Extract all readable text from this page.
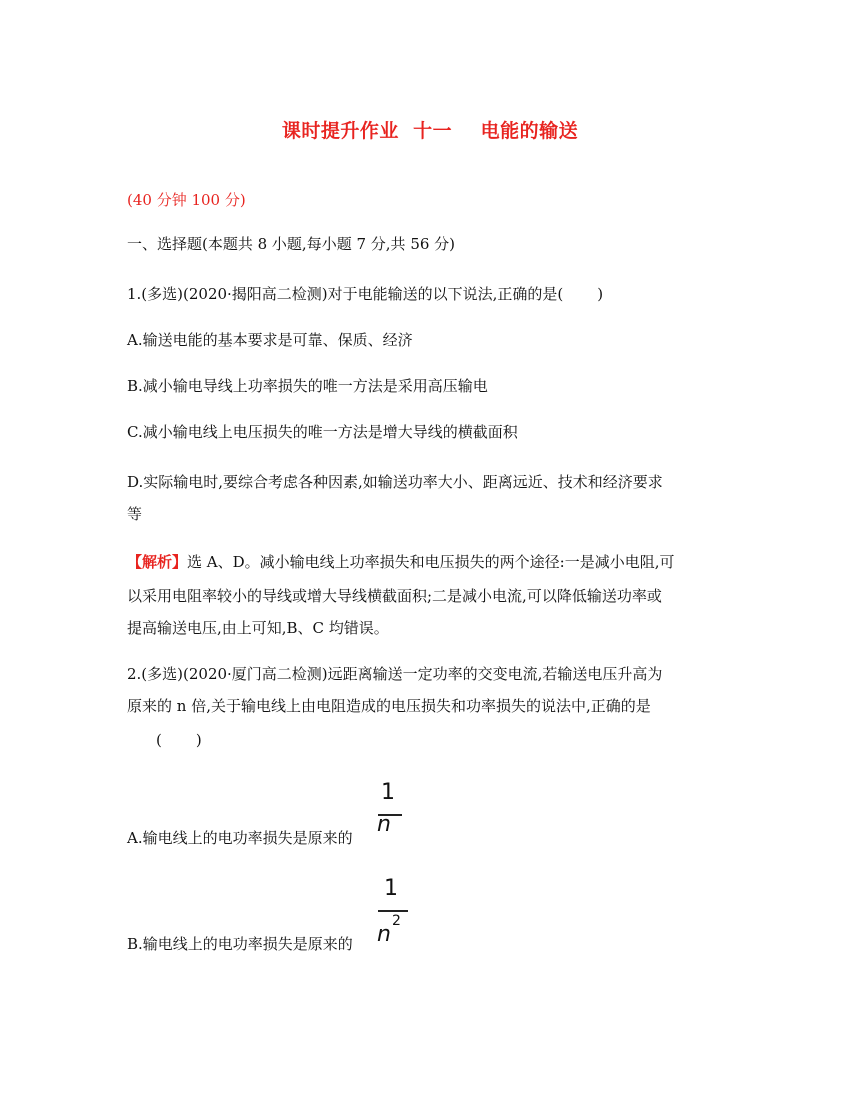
课时提升作业  十一    电能的输送
(40 分钟 100 分)
一、选择题(本题共 8 小题,每小题 7 分,共 56 分)
1.(多选)(2020·揭阳高二检测)对于电能输送的以下说法,正确的是( )
A.输送电能的基本要求是可靠、保质、经济
B.减小输电导线上功率损失的唯一方法是采用高压输电
C.减小输电线上电压损失的唯一方法是增大导线的横截面积
D.实际输电时,要综合考虑各种因素,如输送功率大小、距离远近、技术和经济要求
等
【解析】选 A、D。减小输电线上功率损失和电压损失的两个途径:一是减小电阻,可
以采用电阻率较小的导线或增大导线横截面积;二是减小电流,可以降低输送功率或
提高输送电压,由上可知,B、C 均错误。
2.(多选)(2020·厦门高二检测)远距离输送一定功率的交变电流,若输送电压升高为
原来的 n 倍,关于输电线上由电阻造成的电压损失和功率损失的说法中,正确的是
( )
A.输电线上的电功率损失是原来的
1
n
B.输电线上的电功率损失是原来的
1
n
2
